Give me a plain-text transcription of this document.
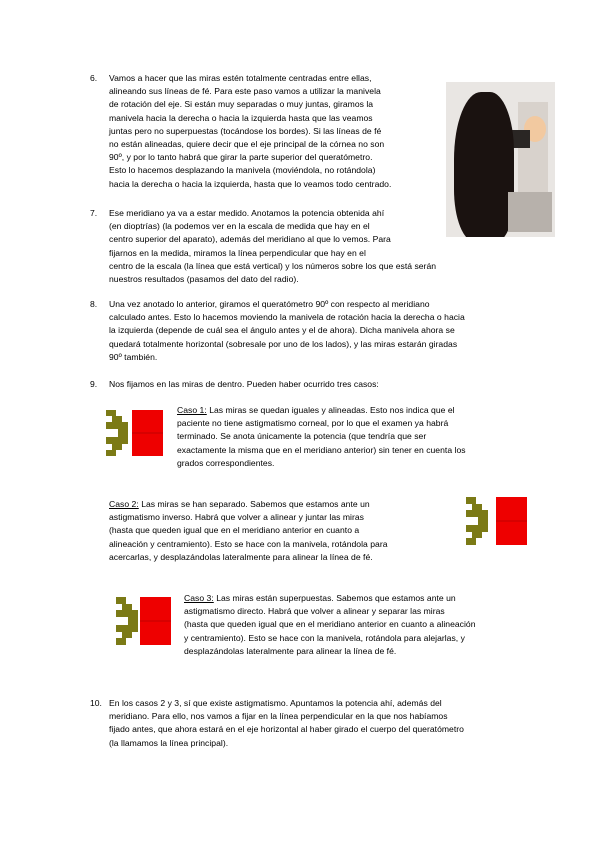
6. Vamos a hacer que las miras estén totalmente centradas entre ellas,
alineando sus líneas de fé. Para este paso vamos a utilizar la manivela
de rotación del eje. Si están muy separadas o muy juntas, giramos la
manivela hacia la derecha o hacia la izquierda hasta que las veamos
juntas pero no superpuestas (tocándose los bordes). Si las líneas de fé
no están alineadas, quiere decir que el eje principal de la córnea no son
90º, y por lo tanto habrá que girar la parte superior del queratómetro.
Esto lo hacemos desplazando la manivela (moviéndola, no rotándola)
hacia la derecha o hacia la izquierda, hasta que lo veamos todo centrado.
7. Ese meridiano ya va a estar medido. Anotamos la potencia obtenida ahí
(en dioptrías) (la podemos ver en la escala de medida que hay en el
centro superior del aparato), además del meridiano al que lo vemos. Para
fijarnos en la medida, miramos la línea perpendicular que hay en el
centro de la escala (la línea que está vertical) y los números sobre los que está serán
nuestros resultados (pasamos del dato del radio).
8. Una vez anotado lo anterior, giramos el queratómetro 90º con respecto al meridiano
calculado antes. Esto lo hacemos moviendo la manivela de rotación hacia la derecha o hacia
la izquierda (depende de cuál sea el ángulo antes y el de ahora). Dicha manivela ahora se
quedará totalmente horizontal (sobresale por uno de los lados), y las miras estarán giradas
90º también.
9. Nos fijamos en las miras de dentro. Pueden haber ocurrido tres casos:
Caso 1: Las miras se quedan iguales y alineadas. Esto nos indica que el
paciente no tiene astigmatismo corneal, por lo que el examen ya habrá
terminado. Se anota únicamente la potencia (que tendría que ser
exactamente la misma que en el meridiano anterior) sin tener en cuenta los
grados correspondientes.
Caso 2: Las miras se han separado. Sabemos que estamos ante un
astigmatismo inverso. Habrá que volver a alinear y juntar las miras
(hasta que queden igual que en el meridiano anterior en cuanto a
alineación y centramiento). Esto se hace con la manivela, rotándola para
acercarlas, y desplazándolas lateralmente para alinear la línea de fé.
Caso 3: Las miras están superpuestas. Sabemos que estamos ante un
astigmatismo directo. Habrá que volver a alinear y separar las miras
(hasta que queden igual que en el meridiano anterior en cuanto a alineación
y centramiento). Esto se hace con la manivela, rotándola para alejarlas, y
desplazándolas lateralmente para alinear la línea de fé.
10. En los casos 2 y 3, sí que existe astigmatismo. Apuntamos la potencia ahí, además del
meridiano. Para ello, nos vamos a fijar en la línea perpendicular en la que nos habíamos
fijado antes, que ahora estará en el eje horizontal al haber girado el cuerpo del queratómetro
(la llamamos la línea principal).
